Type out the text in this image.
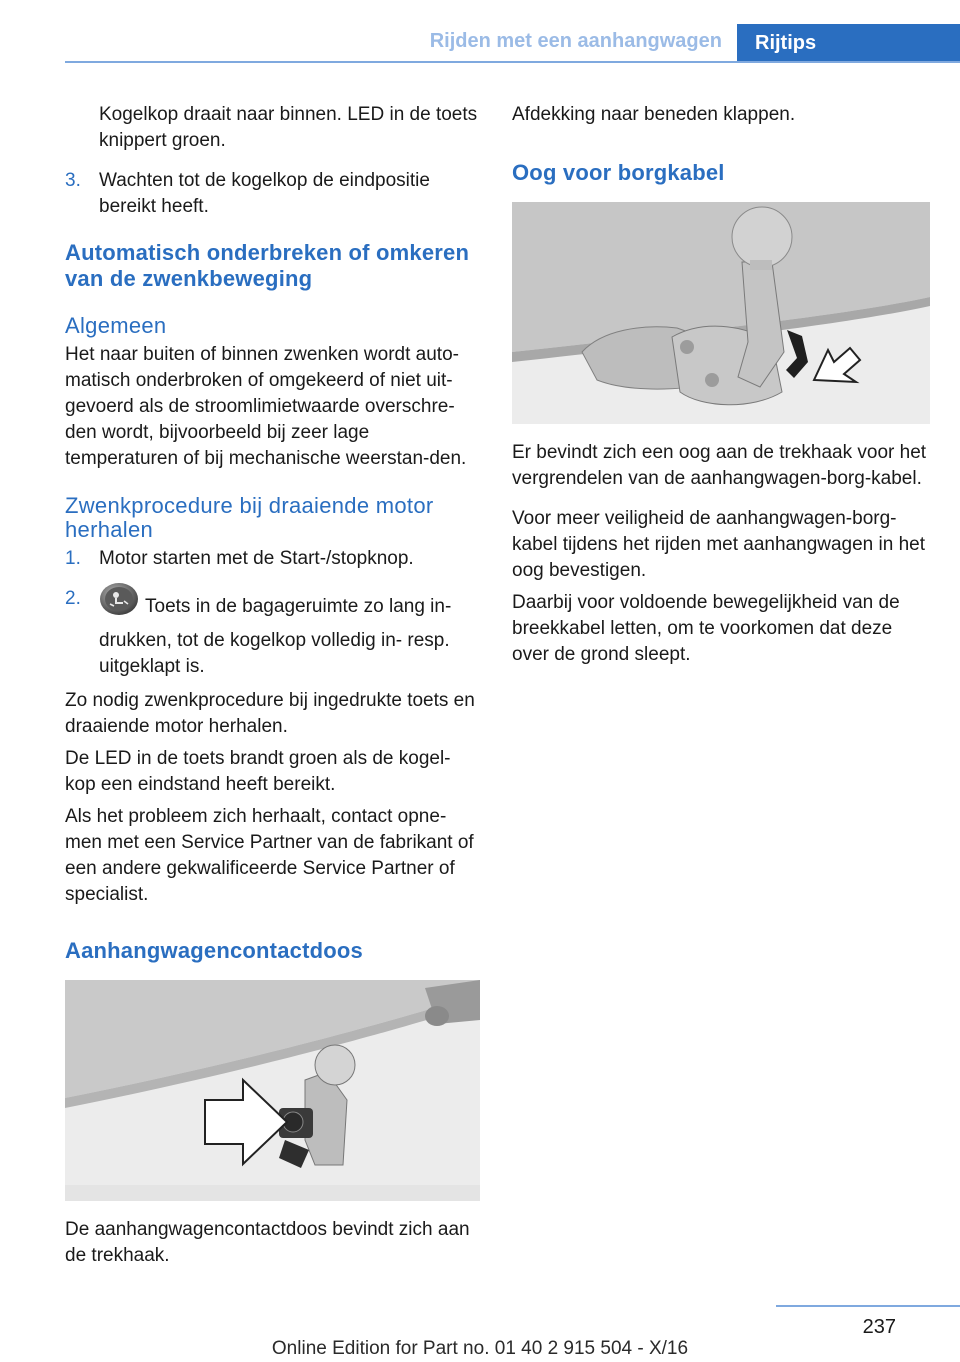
Rijden met een aanhangwagen	Rijtips

Kogelkop draait naar binnen. LED in de toets knippert groen.

3. Wachten tot de kogelkop de eindpositie bereikt heeft.
Automatisch onderbreken of omkeren van de zwenkbeweging
Algemeen

Het naar buiten of binnen zwenken wordt auto-matisch onderbroken of omgekeerd of niet uit-gevoerd als de stroomlimietwaarde overschre-den wordt, bijvoorbeeld bij zeer lage temperaturen of bij mechanische weerstan-den.

Zwenkprocedure bij draaiende motor herhalen
1. Motor starten met de Start-/stopknop.
2.	Toets in de bagageruimte zo lang in-drukken, tot de kogelkop volledig in- resp. uitgeklapt is.

Zo nodig zwenkprocedure bij ingedrukte toets en draaiende motor herhalen.

De LED in de toets brandt groen als de kogel-kop een eindstand heeft bereikt.

Als het probleem zich herhaalt, contact opne-men met een Service Partner van de fabrikant of een andere gekwalificeerde Service Partner of specialist.

Aanhangwagencontactdoos

De aanhangwagencontactdoos bevindt zich aan de trekhaak.

Afdekking naar beneden klappen.

Oog voor borgkabel

Er bevindt zich een oog aan de trekhaak voor het vergrendelen van de aanhangwagen-borg-kabel.

Voor meer veiligheid de aanhangwagen-borg-kabel tijdens het rijden met aanhangwagen in het oog bevestigen.

Daarbij voor voldoende bewegelijkheid van de breekkabel letten, om te voorkomen dat deze over de grond sleept.

237
Online Edition for Part no. 01 40 2 915 504 - X/16
